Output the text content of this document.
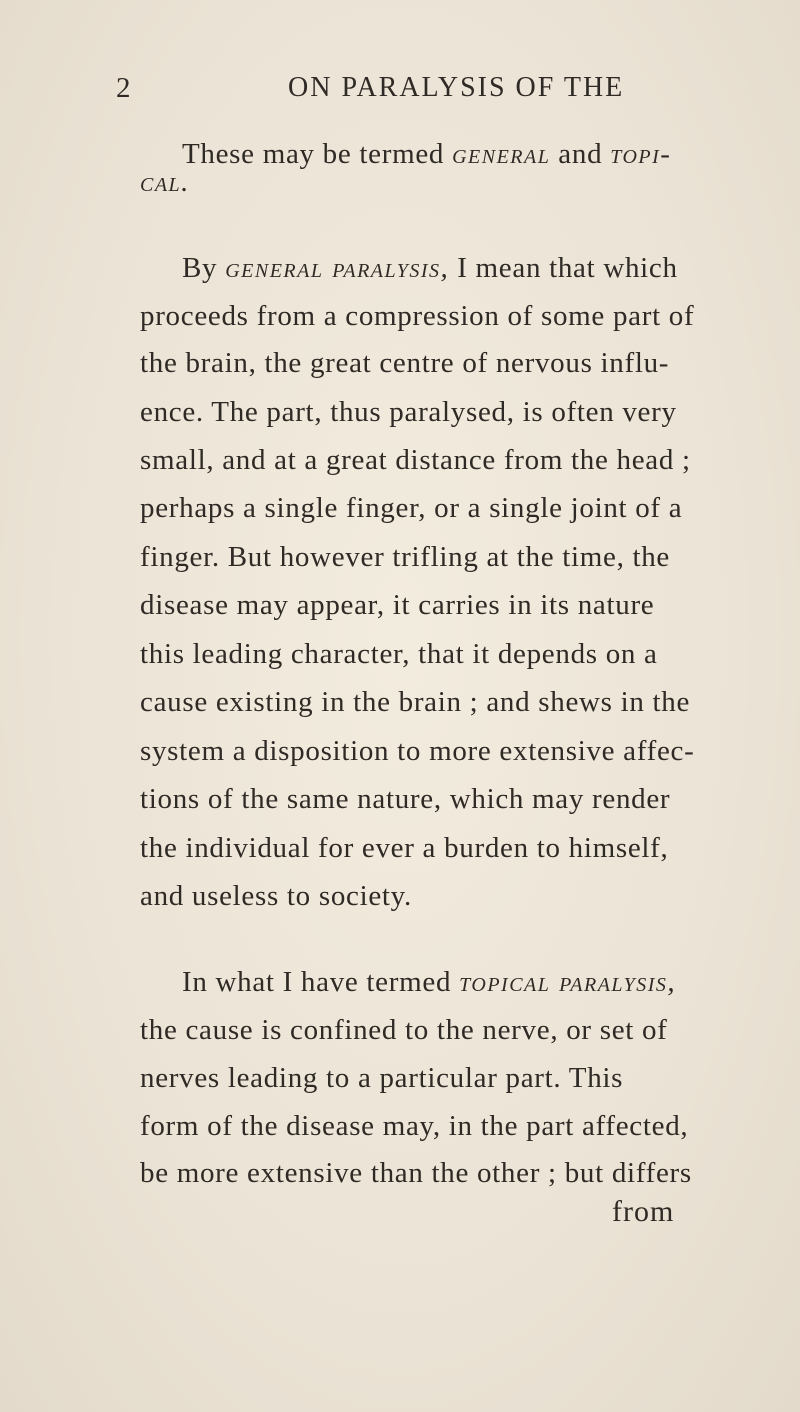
2	ON PARALYSIS OF THE
These may be termed general and topi-
cal.
By general paralysis, I mean that which
proceeds from a compression of some part of
the brain, the great centre of nervous influ-
ence. The part, thus paralysed, is often very
small, and at a great distance from the head ;
perhaps a single finger, or a single joint of a
finger. But however trifling at the time, the
disease may appear, it carries in its nature
this leading character, that it depends on a
cause existing in the brain ; and shews in the
system a disposition to more extensive affec-
tions of the same nature, which may render
the individual for ever a burden to himself,
and useless to society.
In what I have termed topical paralysis,
the cause is confined to the nerve, or set of
nerves leading to a particular part. This
form of the disease may, in the part affected,
be more extensive than the other ; but differs
from
